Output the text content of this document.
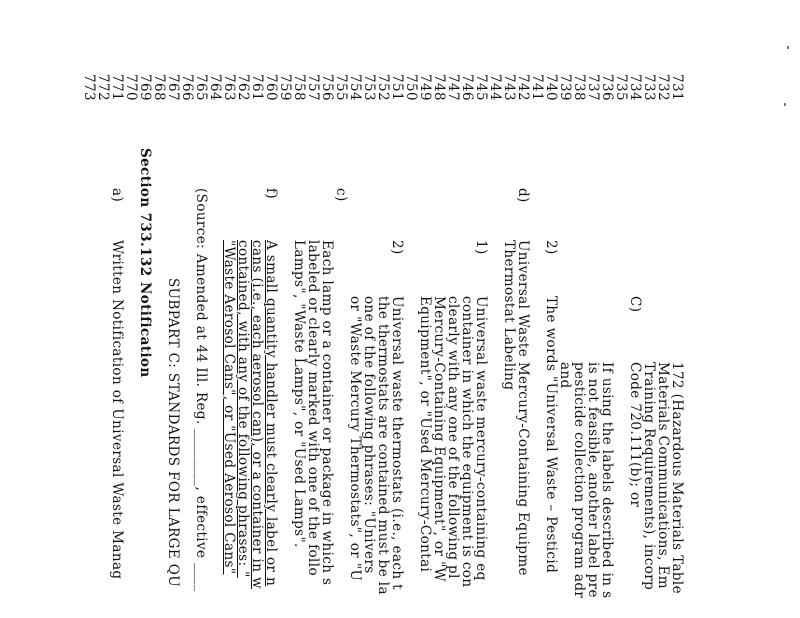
731
732
733
734
735
736
737
738
739
740
741
742
743
744
745
746
747
748
749
750
751
752
753
754
755
756
757
758
759
760
761
762
763
764
765
766
767
768
769
770
771
772
773
2)
C)
d)
1)
2)
c)
f)
Section 733.132
a)
172 (Hazardous Materials Table
Materials Communications, Em
Training Requirements), incorp
Code 720.111(b); or
If using the labels described in s
is not feasible, another label pre
pesticide collection program adr
and
The words "Universal Waste – Pesticid
Universal Waste Mercury-Containing Equipme
Thermostat Labeling
Universal waste mercury-containing eq
container in which the equipment is con
clearly with any one of the following pl
Mercury-Containing Equipment", or "W
Equipment", or "Used Mercury-Contai
Universal waste thermostats (i.e., each t
the thermostats are contained must be la
one of the following phrases: "Univers
or "Waste Mercury Thermostats", or "U
Each lamp or a container or package in which s
labeled or clearly marked with one of the follo
Lamps", "Waste Lamps", or "Used Lamps".
A small quantity handler must clearly label or n
cans (i.e., each aerosol can), or a container in w
contained, with any of the following phrases: "
"Waste Aerosol Cans", or "Used Aerosol Cans"
(Source: Amended at 44 Ill. Reg. ________, effective ____
SUBPART C: STANDARDS FOR LARGE QU
Notification
Written Notification of Universal Waste Manag
